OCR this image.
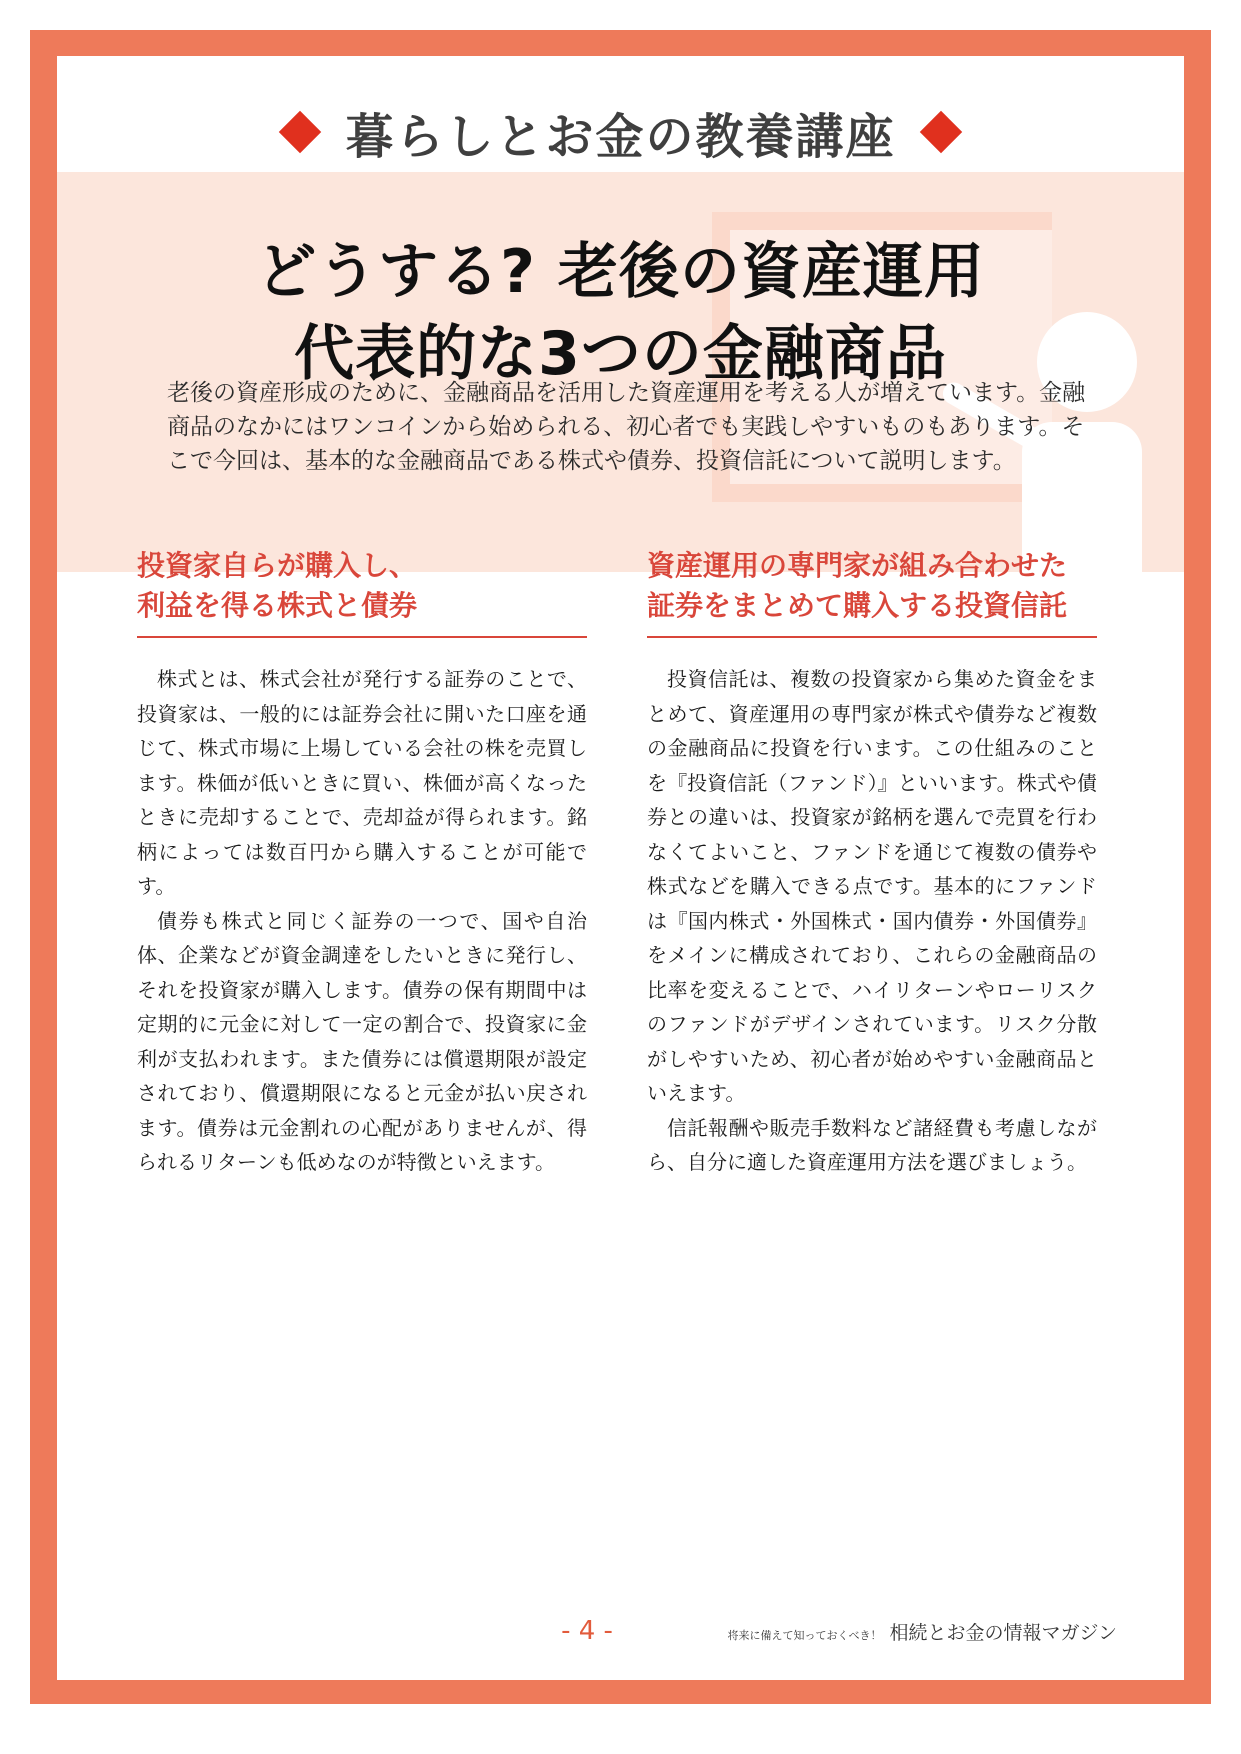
暮らしとお金の教養講座
どうする? 老後の資産運用
代表的な3つの金融商品
老後の資産形成のために、金融商品を活用した資産運用を考える人が増えています。金融商品のなかにはワンコインから始められる、初心者でも実践しやすいものもあります。そこで今回は、基本的な金融商品である株式や債券、投資信託について説明します。
投資家自らが購入し、
利益を得る株式と債券

株式とは、株式会社が発行する証券のことで、投資家は、一般的には証券会社に開いた口座を通じて、株式市場に上場している会社の株を売買します。株価が低いときに買い、株価が高くなったときに売却することで、売却益が得られます。銘柄によっては数百円から購入することが可能です。

債券も株式と同じく証券の一つで、国や自治体、企業などが資金調達をしたいときに発行し、それを投資家が購入します。債券の保有期間中は定期的に元金に対して一定の割合で、投資家に金利が支払われます。また債券には償還期限が設定されており、償還期限になると元金が払い戻されます。債券は元金割れの心配がありませんが、得られるリターンも低めなのが特徴といえます。

資産運用の専門家が組み合わせた
証券をまとめて購入する投資信託

投資信託は、複数の投資家から集めた資金をまとめて、資産運用の専門家が株式や債券など複数の金融商品に投資を行います。この仕組みのことを『投資信託（ファンド）』といいます。株式や債券との違いは、投資家が銘柄を選んで売買を行わなくてよいこと、ファンドを通じて複数の債券や株式などを購入できる点です。基本的にファンドは『国内株式・外国株式・国内債券・外国債券』をメインに構成されており、これらの金融商品の比率を変えることで、ハイリターンやローリスクのファンドがデザインされています。リスク分散がしやすいため、初心者が始めやすい金融商品といえます。

信託報酬や販売手数料など諸経費も考慮しながら、自分に適した資産運用方法を選びましょう。

- 4 -	将来に備えて知っておくべき！ 相続とお金の情報マガジン
